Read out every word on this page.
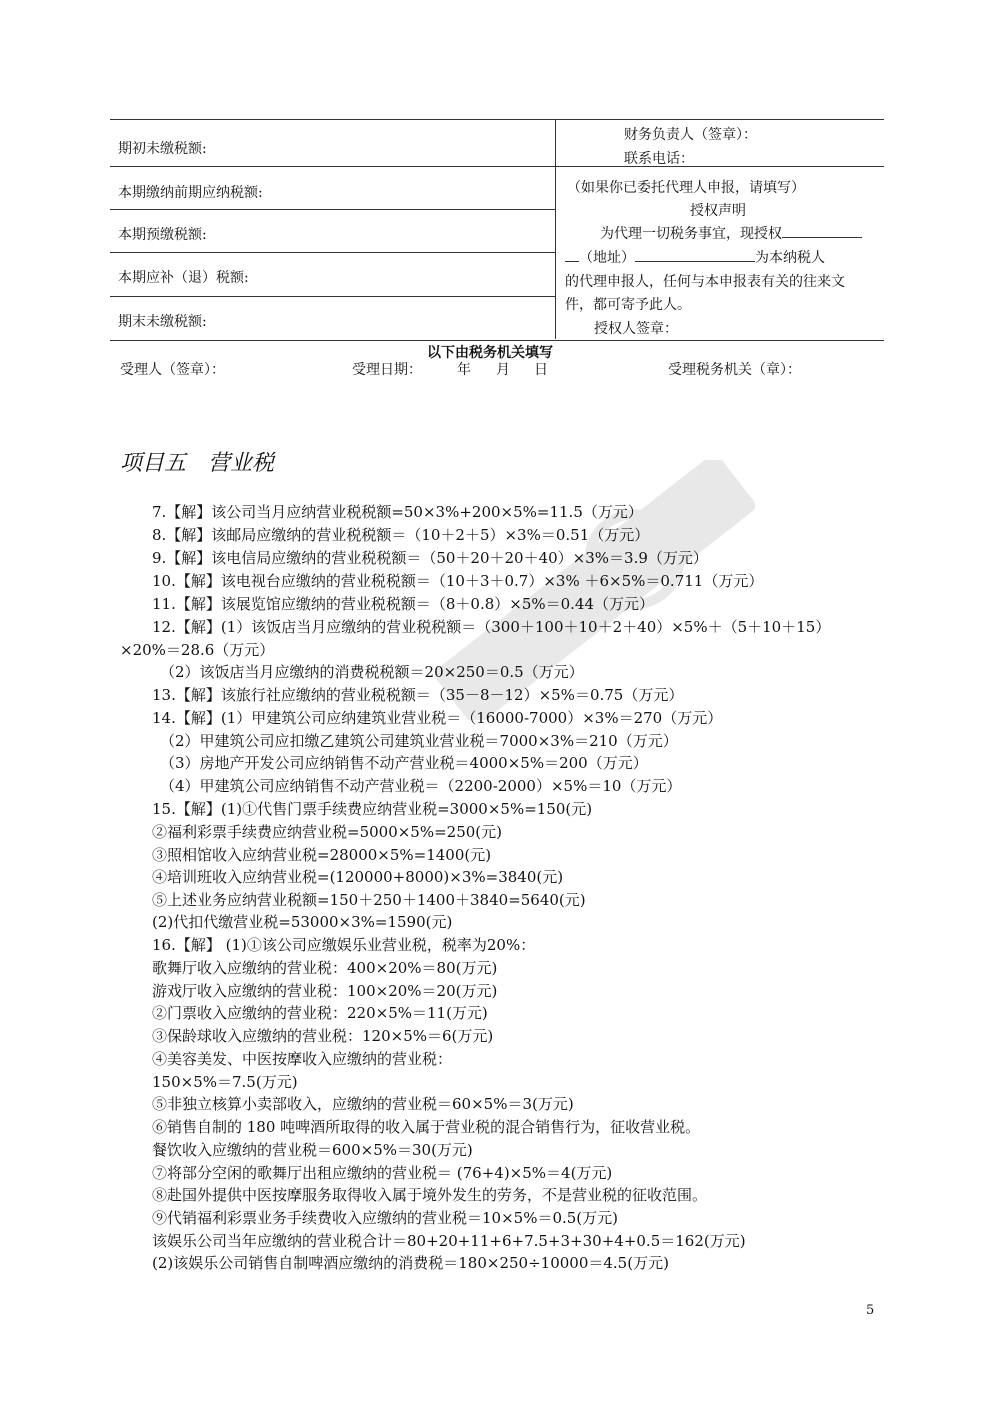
期初未缴税额:
本期缴纳前期应纳税额:
本期预缴税额:
本期应补（退）税额:
期末未缴税额:
财务负责人（签章）：
联系电话：
（如果你已委托代理人申报，请填写）
授权声明
为代理一切税务事宜，现授权
（地址）	为本纳税人
的代理申报人，任何与本申报表有关的往来文
件，都可寄予此人。
授权人签章：
以下由税务机关填写
受理人（签章）：	受理日期：	年 月 日	受理税务机关（章）：
项目五　营业税
7.【解】该公司当月应纳营业税税额=50×3%+200×5%=11.5（万元）
8.【解】该邮局应缴纳的营业税税额＝（10＋2＋5）×3%＝0.51（万元）
9.【解】该电信局应缴纳的营业税税额＝（50＋20＋20＋40）×3%＝3.9（万元）
10.【解】该电视台应缴纳的营业税税额＝（10＋3＋0.7）×3% ＋6×5%＝0.711（万元）
11.【解】该展览馆应缴纳的营业税税额＝（8＋0.8）×5%＝0.44（万元）
12.【解】(1）该饭店当月应缴纳的营业税税额＝（300＋100＋10＋2＋40）×5%＋（5＋10＋15）
×20%＝28.6（万元）
（2）该饭店当月应缴纳的消费税税额＝20×250＝0.5（万元）
13.【解】该旅行社应缴纳的营业税税额＝（35－8－12）×5%＝0.75（万元）
14.【解】(1）甲建筑公司应纳建筑业营业税＝（16000-7000）×3%＝270（万元）
（2）甲建筑公司应扣缴乙建筑公司建筑业营业税＝7000×3%＝210（万元）
（3）房地产开发公司应纳销售不动产营业税＝4000×5%＝200（万元）
（4）甲建筑公司应纳销售不动产营业税＝（2200-2000）×5%＝10（万元）
15.【解】(1)①代售门票手续费应纳营业税=3000×5%=150(元)
②福利彩票手续费应纳营业税=5000×5%=250(元)
③照相馆收入应纳营业税=28000×5%=1400(元)
④培训班收入应纳营业税=(120000+8000)×3%=3840(元)
⑤上述业务应纳营业税额=150＋250＋1400＋3840=5640(元)
(2)代扣代缴营业税=53000×3%=1590(元)
16.【解】 (1)①该公司应缴娱乐业营业税，税率为20%：
歌舞厅收入应缴纳的营业税：400×20%＝80(万元)
游戏厅收入应缴纳的营业税：100×20%＝20(万元)
②门票收入应缴纳的营业税：220×5%＝11(万元)
③保龄球收入应缴纳的营业税：120×5%＝6(万元)
④美容美发、中医按摩收入应缴纳的营业税：
150×5%＝7.5(万元)
⑤非独立核算小卖部收入，应缴纳的营业税＝60×5%＝3(万元)
⑥销售自制的 180 吨啤酒所取得的收入属于营业税的混合销售行为，征收营业税。
餐饮收入应缴纳的营业税＝600×5%＝30(万元)
⑦将部分空闲的歌舞厅出租应缴纳的营业税＝ (76+4)×5%＝4(万元)
⑧赴国外提供中医按摩服务取得收入属于境外发生的劳务，不是营业税的征收范围。
⑨代销福利彩票业务手续费收入应缴纳的营业税＝10×5%＝0.5(万元)
该娱乐公司当年应缴纳的营业税合计＝80+20+11+6+7.5+3+30+4+0.5＝162(万元)
(2)该娱乐公司销售自制啤酒应缴纳的消费税＝180×250÷10000＝4.5(万元)
5
